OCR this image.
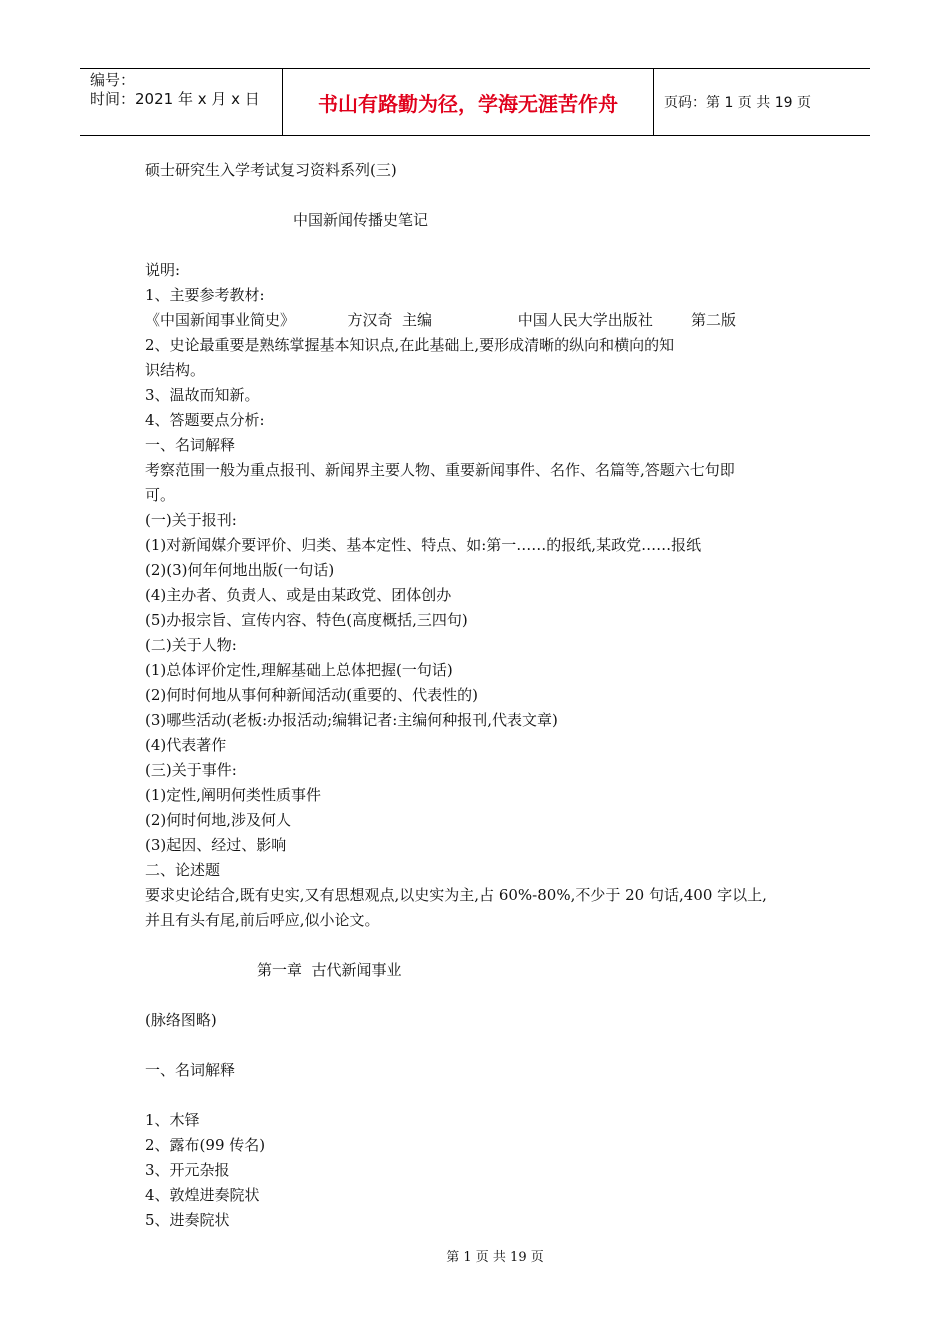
编号：
时间：2021 年 x 月 x 日	书山有路勤为径，学海无涯苦作舟	页码：第 1 页 共 19 页
硕士研究生入学考试复习资料系列(三)
中国新闻传播史笔记
说明:
1、主要参考教材:
《中国新闻事业简史》           方汉奇  主编                  中国人民大学出版社        第二版
2、史论最重要是熟练掌握基本知识点,在此基础上,要形成清晰的纵向和横向的知
识结构。
3、温故而知新。
4、答题要点分析:
一、名词解释
考察范围一般为重点报刊、新闻界主要人物、重要新闻事件、名作、名篇等,答题六七句即
可。
(一)关于报刊:
(1)对新闻媒介要评价、归类、基本定性、特点、如:第一……的报纸,某政党……报纸
(2)(3)何年何地出版(一句话)
(4)主办者、负责人、或是由某政党、团体创办
(5)办报宗旨、宣传内容、特色(高度概括,三四句)
(二)关于人物:
(1)总体评价定性,理解基础上总体把握(一句话)
(2)何时何地从事何种新闻活动(重要的、代表性的)
(3)哪些活动(老板:办报活动;编辑记者:主编何种报刊,代表文章)
(4)代表著作
(三)关于事件:
(1)定性,阐明何类性质事件
(2)何时何地,涉及何人
(3)起因、经过、影响
二、论述题
要求史论结合,既有史实,又有思想观点,以史实为主,占 60%-80%,不少于 20 句话,400 字以上,
并且有头有尾,前后呼应,似小论文。
第一章  古代新闻事业
(脉络图略)
一、名词解释
1、木铎
2、露布(99 传名)
3、开元杂报
4、敦煌进奏院状
5、进奏院状
第 1 页 共 19 页
